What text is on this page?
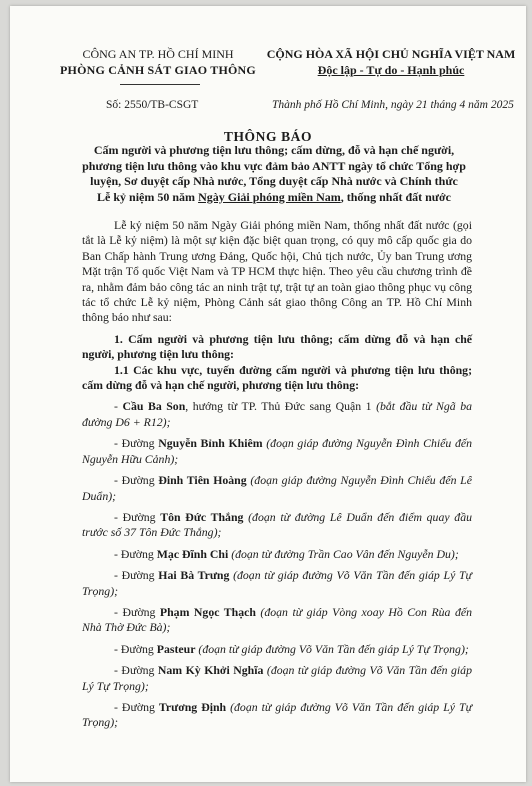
CÔNG AN TP. HỒ CHÍ MINH
PHÒNG CẢNH SÁT GIAO THÔNG
CỘNG HÒA XÃ HỘI CHỦ NGHĨA VIỆT NAM
Độc lập - Tự do - Hạnh phúc
Số: 2550/TB-CSGT	Thành phố Hồ Chí Minh, ngày 21 tháng 4 năm 2025
THÔNG BÁO
Cấm người và phương tiện lưu thông; cấm dừng, đỗ và hạn chế người, phương tiện lưu thông vào khu vực đảm bảo ANTT ngày tổ chức Tổng hợp luyện, Sơ duyệt cấp Nhà nước, Tổng duyệt cấp Nhà nước và Chính thức
Lễ kỷ niệm 50 năm Ngày Giải phóng miền Nam, thống nhất đất nước

Lễ kỷ niệm 50 năm Ngày Giải phóng miền Nam, thống nhất đất nước (gọi tắt là Lễ kỷ niệm) là một sự kiện đặc biệt quan trọng, có quy mô cấp quốc gia do Ban Chấp hành Trung ương Đảng, Quốc hội, Chủ tịch nước, Ủy ban Trung ương Mặt trận Tổ quốc Việt Nam và TP HCM thực hiện. Theo yêu cầu chương trình đề ra, nhằm đảm bảo công tác an ninh trật tự, trật tự an toàn giao thông phục vụ công tác tổ chức Lễ kỷ niệm, Phòng Cảnh sát giao thông Công an TP. Hồ Chí Minh thông báo như sau:

1. Cấm người và phương tiện lưu thông; cấm dừng đỗ và hạn chế người, phương tiện lưu thông:

1.1 Các khu vực, tuyến đường cấm người và phương tiện lưu thông; cấm dừng đỗ và hạn chế người, phương tiện lưu thông:

- Cầu Ba Son, hướng từ TP. Thủ Đức sang Quận 1 (bắt đầu từ Ngã ba đường D6 + R12);

- Đường Nguyễn Bỉnh Khiêm (đoạn giáp đường Nguyễn Đình Chiểu đến Nguyễn Hữu Cảnh);

- Đường Đinh Tiên Hoàng (đoạn giáp đường Nguyễn Đình Chiểu đến Lê Duẩn);

- Đường Tôn Đức Thắng (đoạn từ đường Lê Duẩn đến điểm quay đầu trước số 37 Tôn Đức Thắng);

- Đường Mạc Đĩnh Chi (đoạn từ đường Trần Cao Vân đến Nguyễn Du);

- Đường Hai Bà Trưng (đoạn từ giáp đường Võ Văn Tần đến giáp Lý Tự Trọng);

- Đường Phạm Ngọc Thạch (đoạn từ giáp Vòng xoay Hồ Con Rùa đến Nhà Thờ Đức Bà);

- Đường Pasteur (đoạn từ giáp đường Võ Văn Tần đến giáp Lý Tự Trọng);

- Đường Nam Kỳ Khởi Nghĩa (đoạn từ giáp đường Võ Văn Tần đến giáp Lý Tự Trọng);

- Đường Trương Định (đoạn từ giáp đường Võ Văn Tần đến giáp Lý Tự Trọng);
